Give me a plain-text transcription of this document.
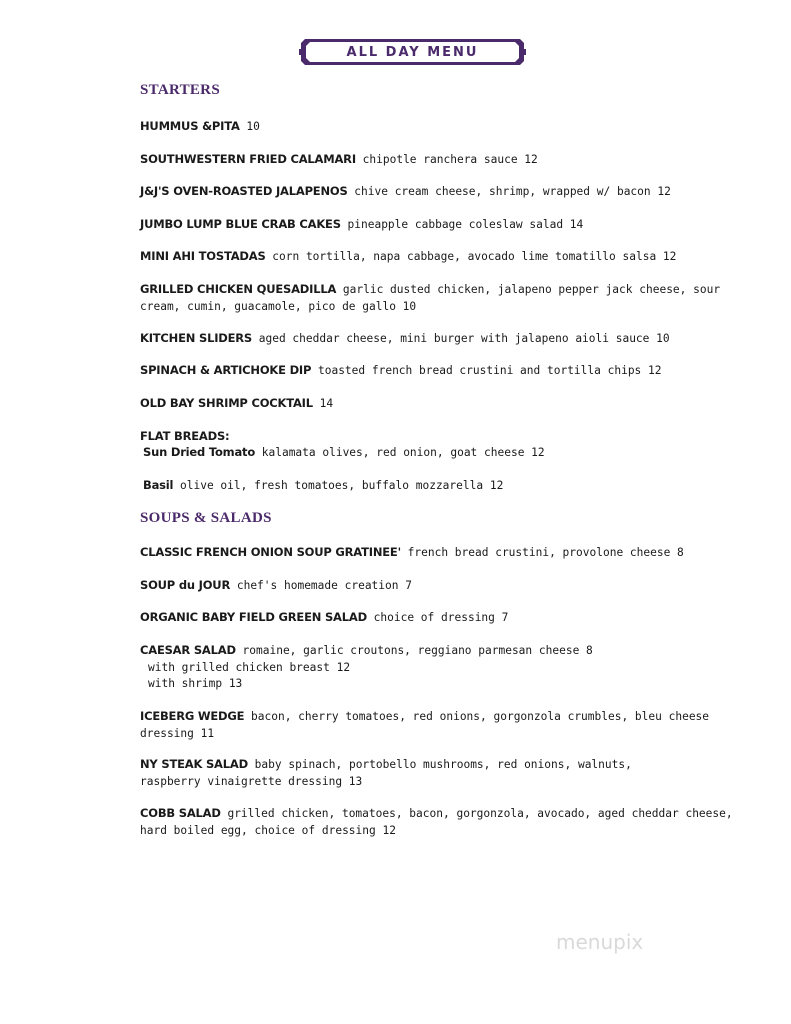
ALL DAY MENU
STARTERS
HUMMUS &PITA 10
SOUTHWESTERN FRIED CALAMARI chipotle ranchera sauce 12
J&J'S OVEN-ROASTED JALAPENOS chive cream cheese, shrimp, wrapped w/ bacon 12
JUMBO LUMP BLUE CRAB CAKES pineapple cabbage coleslaw salad 14
MINI AHI TOSTADAS corn tortilla, napa cabbage, avocado lime tomatillo salsa 12
GRILLED CHICKEN QUESADILLA garlic dusted chicken, jalapeno pepper jack cheese, sour
cream, cumin, guacamole, pico de gallo 10
KITCHEN SLIDERS aged cheddar cheese, mini burger with jalapeno aioli sauce 10
SPINACH & ARTICHOKE DIP toasted french bread crustini and tortilla chips 12
OLD BAY SHRIMP COCKTAIL 14
FLAT BREADS:
Sun Dried Tomato kalamata olives, red onion, goat cheese 12
Basil olive oil, fresh tomatoes, buffalo mozzarella 12
SOUPS & SALADS
CLASSIC FRENCH ONION SOUP GRATINEE' french bread crustini, provolone cheese 8
SOUP du JOUR chef's homemade creation 7
ORGANIC BABY FIELD GREEN SALAD choice of dressing 7
CAESAR SALAD romaine, garlic croutons, reggiano parmesan cheese 8
with grilled chicken breast 12
with shrimp 13
ICEBERG WEDGE bacon, cherry tomatoes, red onions, gorgonzola crumbles, bleu cheese
dressing 11
NY STEAK SALAD baby spinach, portobello mushrooms, red onions, walnuts,
raspberry vinaigrette dressing 13
COBB SALAD grilled chicken, tomatoes, bacon, gorgonzola, avocado, aged cheddar cheese,
hard boiled egg, choice of dressing 12
menupix
